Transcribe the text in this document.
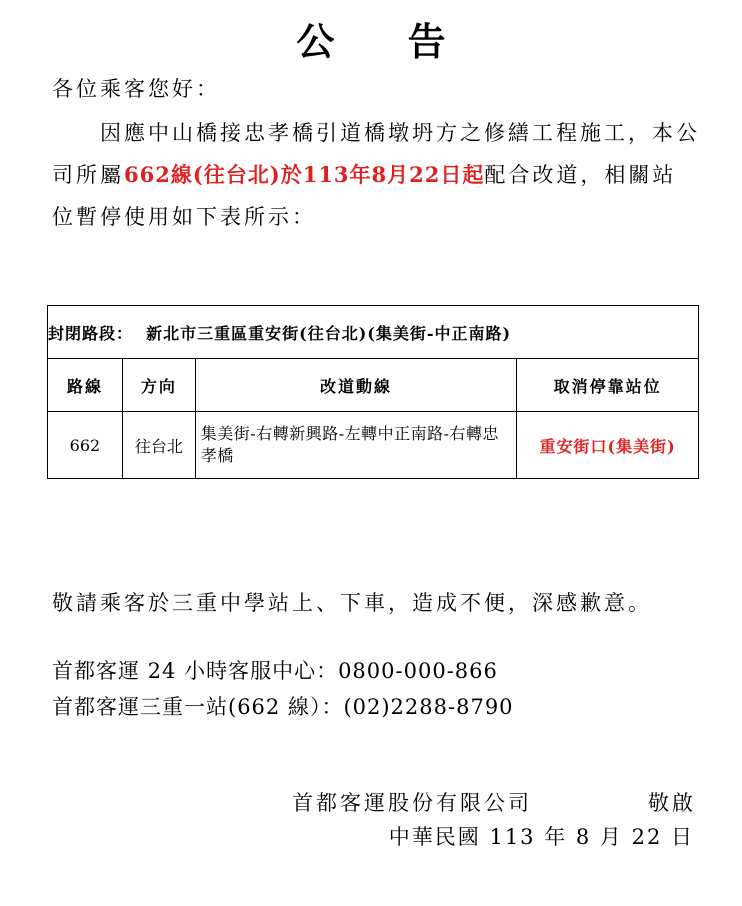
公 告
各位乘客您好：
因應中山橋接忠孝橋引道橋墩坍方之修繕工程施工，本公司所屬662線(往台北)於113年8月22日起配合改道，相關站位暫停使用如下表所示：
封閉路段： 新北市三重區重安街(往台北)(集美街-中正南路)			
路線	方向	改道動線	取消停靠站位
662	往台北	集美街-右轉新興路-左轉中正南路-右轉忠孝橋	重安街口(集美街)
敬請乘客於三重中學站上、下車，造成不便，深感歉意。
首都客運 24 小時客服中心：0800-000-866
首都客運三重一站(662 線）：(02)2288-8790
首都客運股份有限公司	敬啟
中華民國 113 年 8 月 22 日
